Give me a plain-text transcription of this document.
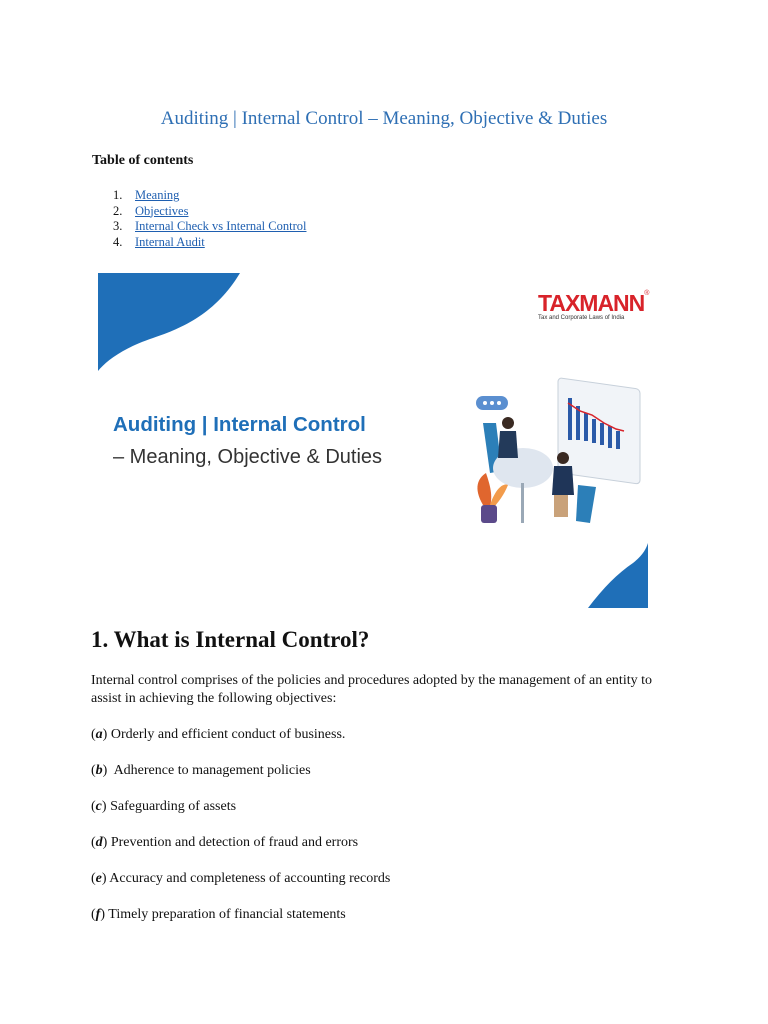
Auditing | Internal Control – Meaning, Objective & Duties
Table of contents
1.	Meaning
2.	Objectives
3.	Internal Check vs Internal Control
4.	Internal Audit
TAXMANN®
Tax and Corporate Laws of India
Auditing | Internal Control
– Meaning, Objective & Duties
1. What is Internal Control?
Internal control comprises of the policies and procedures adopted by the management of an entity to assist in achieving the following objectives:
(a) Orderly and efficient conduct of business.
(b)  Adherence to management policies
(c) Safeguarding of assets
(d) Prevention and detection of fraud and errors
(e) Accuracy and completeness of accounting records
(f) Timely preparation of financial statements
